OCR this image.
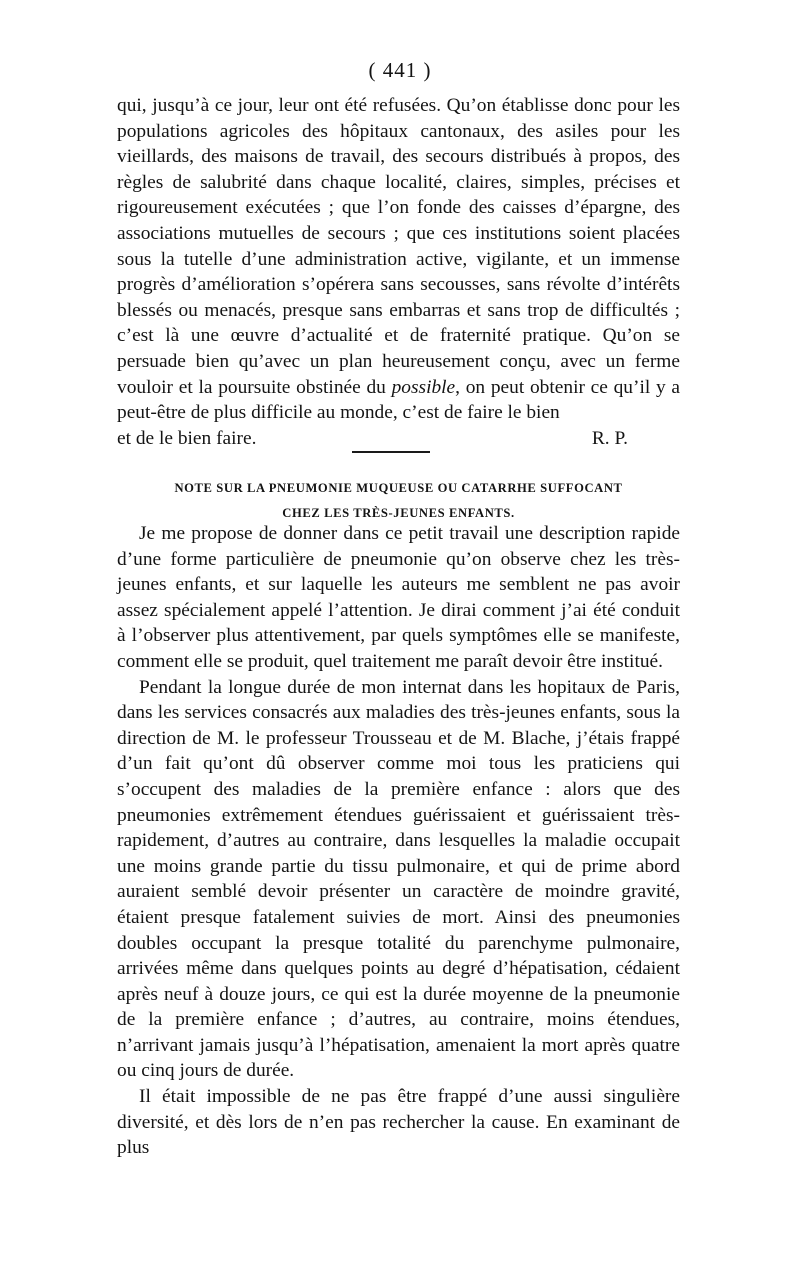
( 441 )

qui, jusqu’à ce jour, leur ont été refusées. Qu’on établisse donc pour les populations agricoles des hôpitaux cantonaux, des asiles pour les vieillards, des maisons de travail, des secours distribués à propos, des règles de salubrité dans chaque localité, claires, simples, précises et rigoureusement exécutées ; que l’on fonde des caisses d’épargne, des associations mutuelles de secours ; que ces institutions soient placées sous la tutelle d’une administration active, vigilante, et un immense progrès d’amélioration s’opérera sans secousses, sans révolte d’intérêts blessés ou menacés, presque sans embarras et sans trop de difficultés ; c’est là une œuvre d’actualité et de fraternité pratique. Qu’on se persuade bien qu’avec un plan heureusement conçu, avec un ferme vouloir et la poursuite obstinée du possible, on peut obtenir ce qu’il y a peut-être de plus difficile au monde, c’est de faire le bien

et de le bien faire.	R. P.
NOTE SUR LA PNEUMONIE MUQUEUSE OU CATARRHE SUFFOCANT
CHEZ LES TRÈS-JEUNES ENFANTS.

Je me propose de donner dans ce petit travail une description rapide d’une forme particulière de pneumonie qu’on observe chez les très-jeunes enfants, et sur laquelle les auteurs me semblent ne pas avoir assez spécialement appelé l’attention. Je dirai comment j’ai été conduit à l’observer plus attentivement, par quels symptômes elle se manifeste, comment elle se produit, quel traitement me paraît devoir être institué.

Pendant la longue durée de mon internat dans les hopitaux de Paris, dans les services consacrés aux maladies des très-jeunes enfants, sous la direction de M. le professeur Trousseau et de M. Blache, j’étais frappé d’un fait qu’ont dû observer comme moi tous les praticiens qui s’occupent des maladies de la première enfance : alors que des pneumonies extrêmement étendues guérissaient et guérissaient très-rapidement, d’autres au contraire, dans lesquelles la maladie occupait une moins grande partie du tissu pulmonaire, et qui de prime abord auraient semblé devoir présenter un caractère de moindre gravité, étaient presque fatalement suivies de mort. Ainsi des pneumonies doubles occupant la presque totalité du parenchyme pulmonaire, arrivées même dans quelques points au degré d’hépatisation, cédaient après neuf à douze jours, ce qui est la durée moyenne de la pneumonie de la première enfance ; d’autres, au contraire, moins étendues, n’arrivant jamais jusqu’à l’hépatisation, amenaient la mort après quatre ou cinq jours de durée.

Il était impossible de ne pas être frappé d’une aussi singulière diversité, et dès lors de n’en pas rechercher la cause. En examinant de plus
